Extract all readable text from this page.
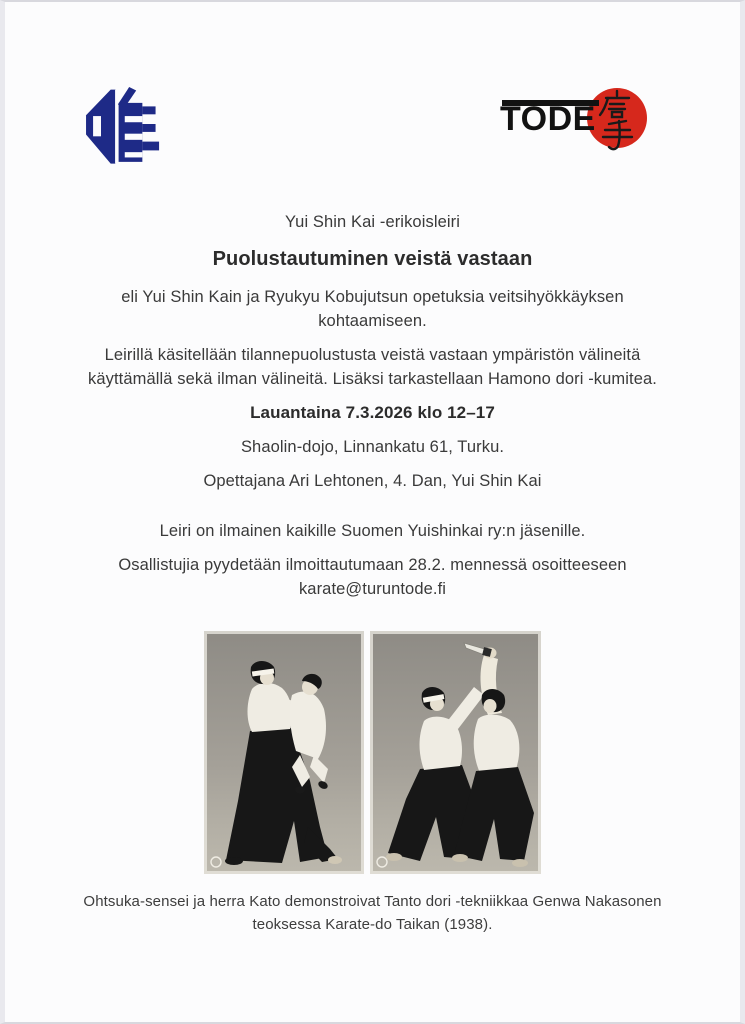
TODE

Yui Shin Kai -erikoisleiri

Puolustautuminen veistä vastaan

eli Yui Shin Kain ja Ryukyu Kobujutsun opetuksia veitsihyökkäyksen kohtaamiseen.

Leirillä käsitellään tilannepuolustusta veistä vastaan ympäristön välineitä käyttämällä sekä ilman välineitä. Lisäksi tarkastellaan Hamono dori -kumitea.

Lauantaina 7.3.2026 klo 12–17

Shaolin-dojo, Linnankatu 61, Turku.

Opettajana Ari Lehtonen, 4. Dan, Yui Shin Kai

Leiri on ilmainen kaikille Suomen Yuishinkai ry:n jäsenille.

Osallistujia pyydetään ilmoittautumaan 28.2. mennessä osoitteeseen
karate@turuntode.fi

Ohtsuka-sensei ja herra Kato demonstroivat Tanto dori -tekniikkaa Genwa Nakasonen teoksessa Karate-do Taikan (1938).
